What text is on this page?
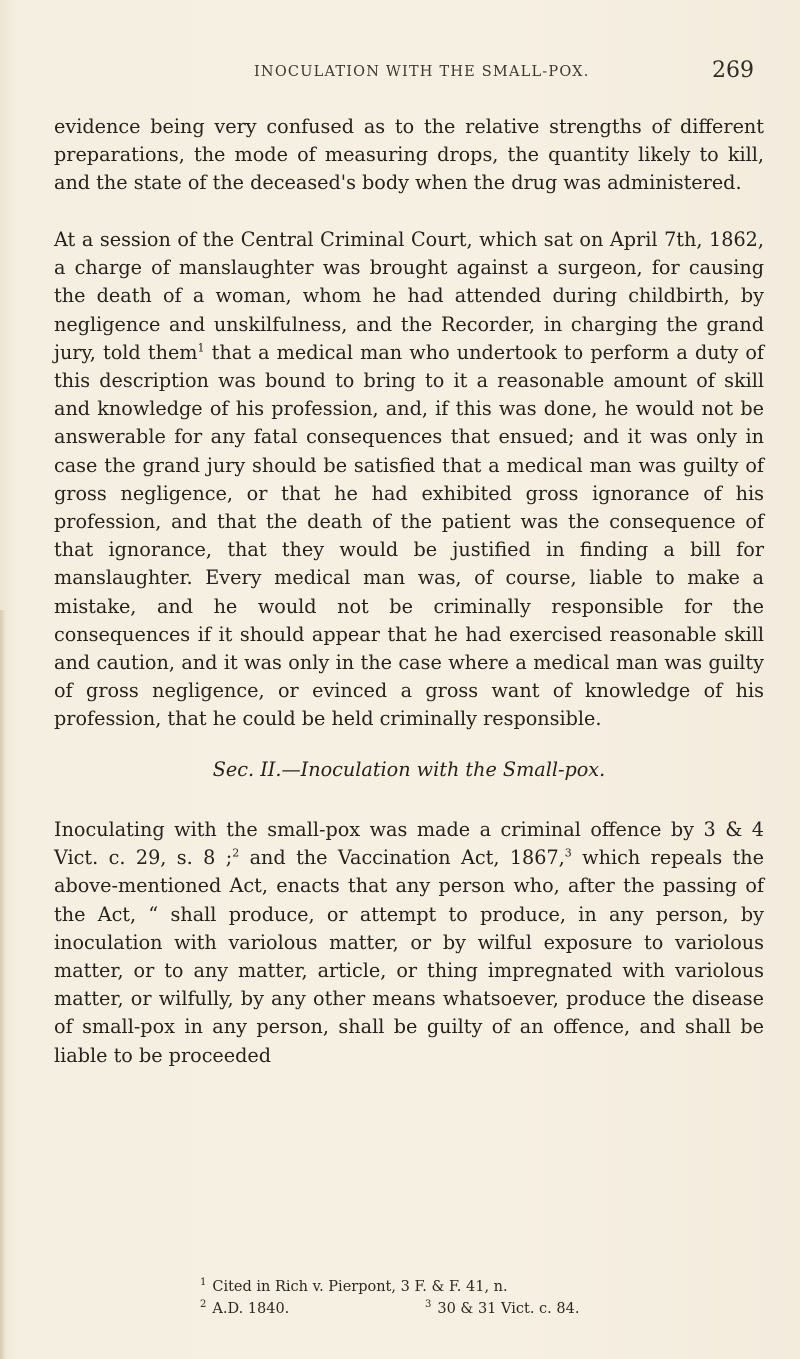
INOCULATION WITH THE SMALL-POX.	269

evidence being very confused as to the relative strengths of different preparations, the mode of measuring drops, the quantity likely to kill, and the state of the deceased's body when the drug was administered.

At a session of the Central Criminal Court, which sat on April 7th, 1862, a charge of manslaughter was brought against a surgeon, for causing the death of a woman, whom he had attended during childbirth, by negligence and unskilfulness, and the Recorder, in charging the grand jury, told them$^1$ that a medical man who undertook to perform a duty of this description was bound to bring to it a reasonable amount of skill and knowledge of his profession, and, if this was done, he would not be answerable for any fatal consequences that ensued; and it was only in case the grand jury should be satisfied that a medical man was guilty of gross negligence, or that he had exhibited gross ignorance of his profession, and that the death of the patient was the consequence of that ignorance, that they would be justified in finding a bill for manslaughter. Every medical man was, of course, liable to make a mistake, and he would not be criminally responsible for the consequences if it should appear that he had exercised reasonable skill and caution, and it was only in the case where a medical man was guilty of gross negligence, or evinced a gross want of knowledge of his profession, that he could be held criminally responsible.

Sec. II.—Inoculation with the Small-pox.

Inoculating with the small-pox was made a criminal offence by 3 & 4 Vict. c. 29, s. 8 ;$^2$ and the Vaccination Act, 1867,$^3$ which repeals the above-mentioned Act, enacts that any person who, after the passing of the Act, “ shall produce, or attempt to produce, in any person, by inoculation with variolous matter, or by wilful exposure to variolous matter, or to any matter, article, or thing impregnated with variolous matter, or wilfully, by any other means whatsoever, produce the disease of small-pox in any person, shall be guilty of an offence, and shall be liable to be proceeded

$^1$ Cited in Rich v. Pierpont, 3 F. & F. 41, n.
$^2$ A.D. 1840.	$^3$ 30 & 31 Vict. c. 84.
